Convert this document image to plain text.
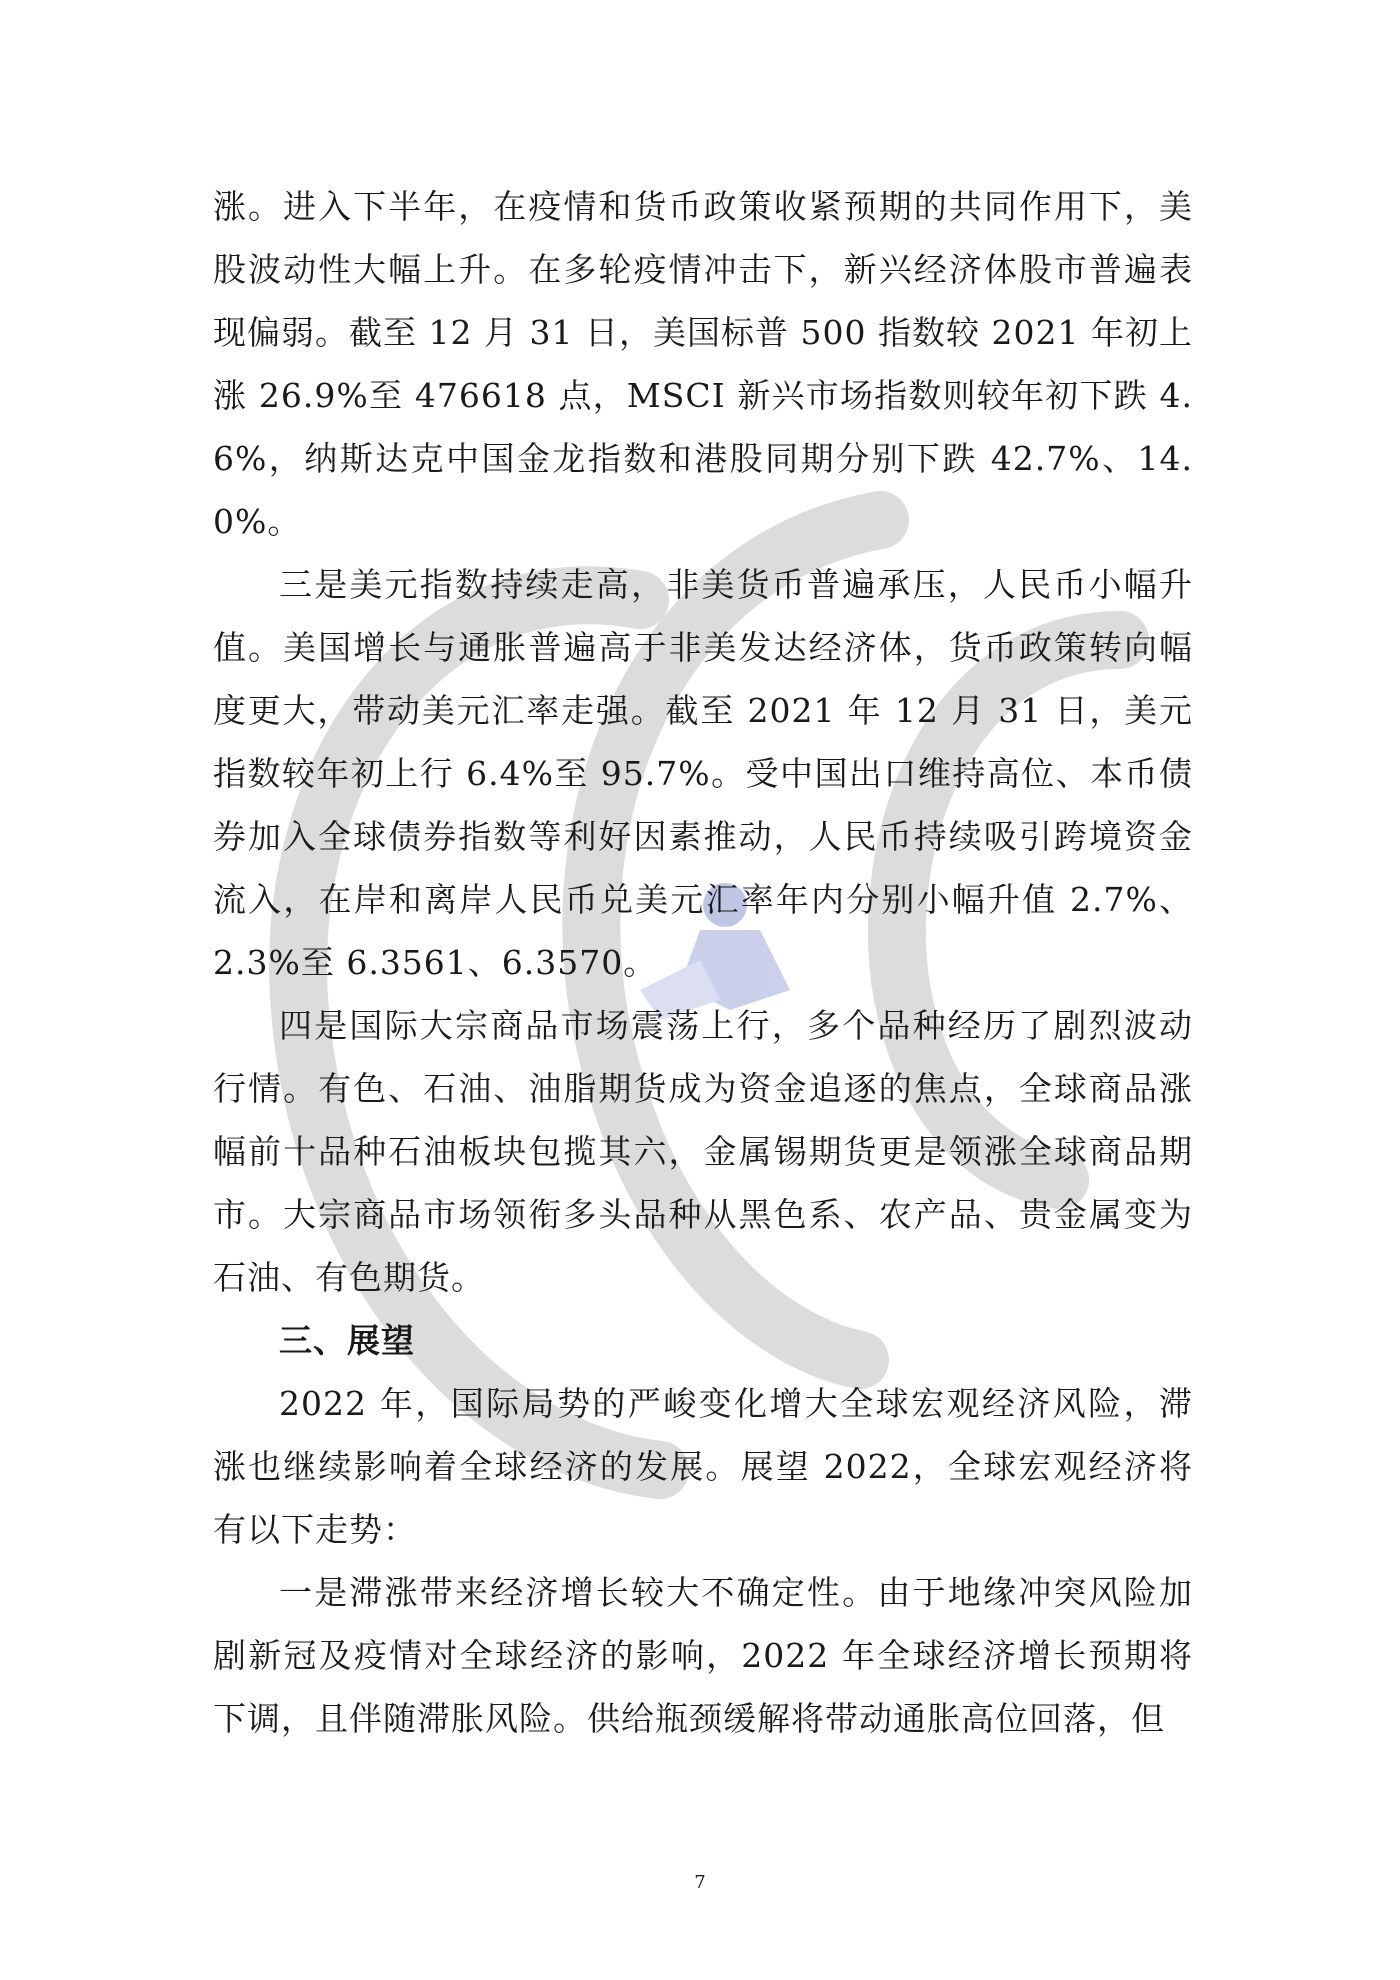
涨。进入下半年，在疫情和货币政策收紧预期的共同作用下，美股波动性大幅上升。在多轮疫情冲击下，新兴经济体股市普遍表现偏弱。截至 12 月 31 日，美国标普 500 指数较 2021 年初上涨 26.9%至 476618 点，MSCI 新兴市场指数则较年初下跌 4.6%，纳斯达克中国金龙指数和港股同期分别下跌 42.7%、14.0%。

三是美元指数持续走高，非美货币普遍承压，人民币小幅升值。美国增长与通胀普遍高于非美发达经济体，货币政策转向幅度更大，带动美元汇率走强。截至 2021 年 12 月 31 日，美元指数较年初上行 6.4%至 95.7%。受中国出口维持高位、本币债券加入全球债券指数等利好因素推动，人民币持续吸引跨境资金流入，在岸和离岸人民币兑美元汇率年内分别小幅升值 2.7%、2.3%至 6.3561、6.3570。

四是国际大宗商品市场震荡上行，多个品种经历了剧烈波动行情。有色、石油、油脂期货成为资金追逐的焦点，全球商品涨幅前十品种石油板块包揽其六，金属锡期货更是领涨全球商品期市。大宗商品市场领衔多头品种从黑色系、农产品、贵金属变为石油、有色期货。

三、展望

2022 年，国际局势的严峻变化增大全球宏观经济风险，滞涨也继续影响着全球经济的发展。展望 2022，全球宏观经济将有以下走势：

一是滞涨带来经济增长较大不确定性。由于地缘冲突风险加剧新冠及疫情对全球经济的影响，2022 年全球经济增长预期将下调，且伴随滞胀风险。供给瓶颈缓解将带动通胀高位回落，但

7
